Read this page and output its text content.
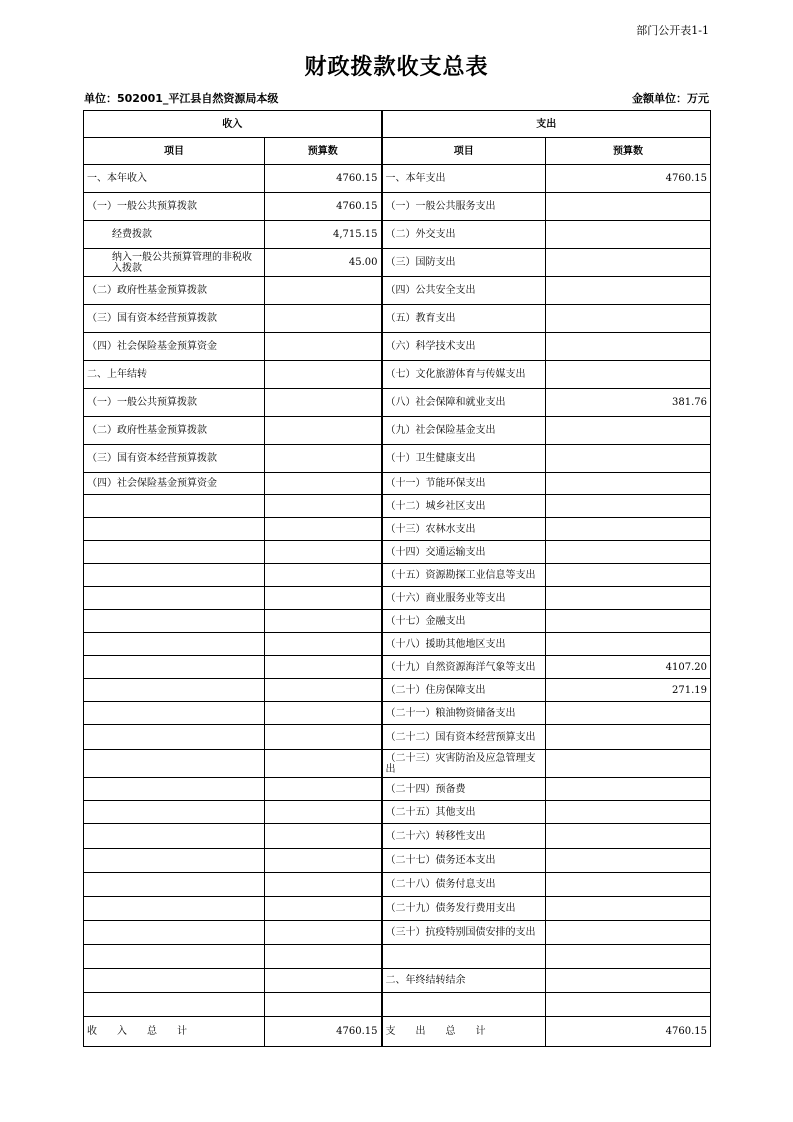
部门公开表1-1
财政拨款收支总表
单位：502001_平江县自然资源局本级	金额单位：万元
收入		支出	
项目	预算数	项目	预算数
一、本年收入	4760.15	一、本年支出	4760.15
（一）一般公共预算拨款	4760.15	（一）一般公共服务支出	
经费拨款	4,715.15	（二）外交支出	
纳入一般公共预算管理的非税收入拨款	45.00	（三）国防支出	
（二）政府性基金预算拨款		（四）公共安全支出	
（三）国有资本经营预算拨款		（五）教育支出	
（四）社会保险基金预算资金		（六）科学技术支出	
二、上年结转		（七）文化旅游体育与传媒支出	
（一）一般公共预算拨款		（八）社会保障和就业支出	381.76
（二）政府性基金预算拨款		（九）社会保险基金支出	
（三）国有资本经营预算拨款		（十）卫生健康支出	
（四）社会保险基金预算资金		（十一）节能环保支出	
		（十二）城乡社区支出	
		（十三）农林水支出	
		（十四）交通运输支出	
		（十五）资源勘探工业信息等支出	
		（十六）商业服务业等支出	
		（十七）金融支出	
		（十八）援助其他地区支出	
		（十九）自然资源海洋气象等支出	4107.20
		（二十）住房保障支出	271.19
		（二十一）粮油物资储备支出	
		（二十二）国有资本经营预算支出	
		（二十三）灾害防治及应急管理支出	
		（二十四）预备费	
		（二十五）其他支出	
		（二十六）转移性支出	
		（二十七）债务还本支出	
		（二十八）债务付息支出	
		（二十九）债务发行费用支出	
		（三十）抗疫特别国债安排的支出	

		二、年终结转结余	

收　　入　　总　　计	4760.15	支　　出　　总　　计	4760.15
